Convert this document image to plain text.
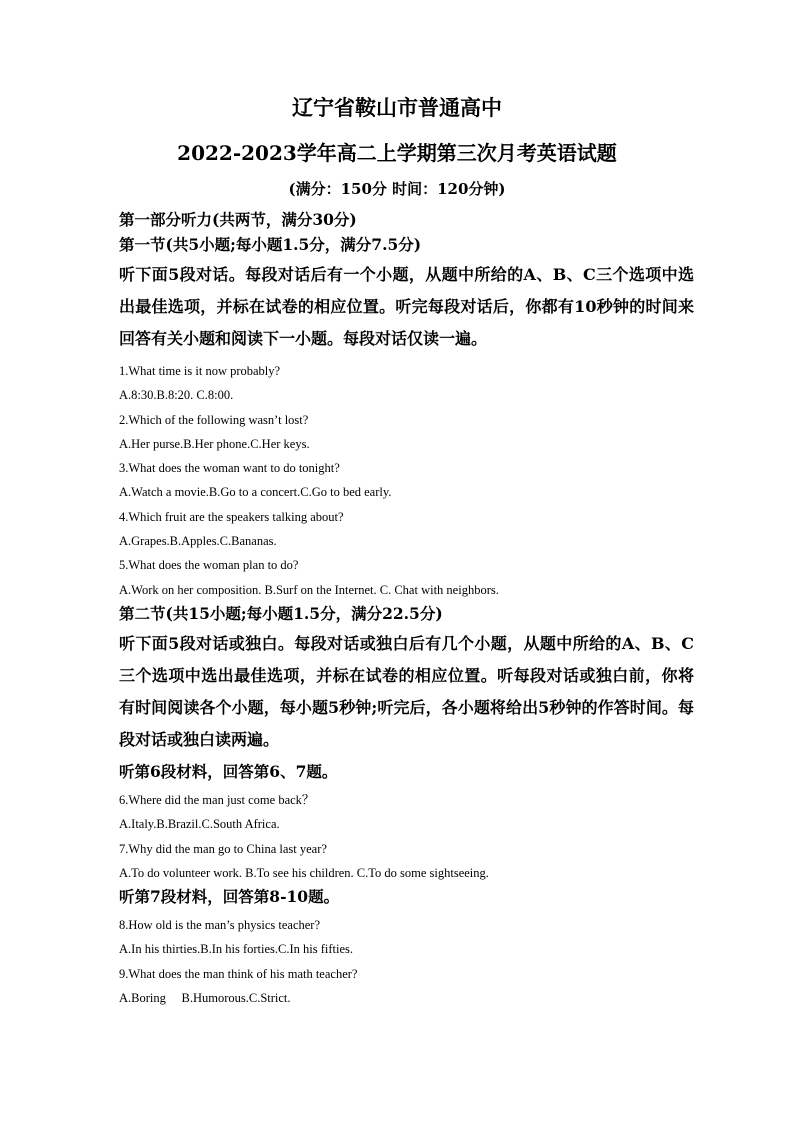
辽宁省鞍山市普通高中
2022-2023学年高二上学期第三次月考英语试题
(满分：150分 时间：120分钟)
第一部分听力(共两节，满分30分)
第一节(共5小题;每小题1.5分，满分7.5分)
听下面5段对话。每段对话后有一个小题，从题中所给的A、B、C三个选项中选出最佳选项，并标在试卷的相应位置。听完每段对话后，你都有10秒钟的时间来回答有关小题和阅读下一小题。每段对话仅读一遍。
1.What time is it now probably?
A.8:30.B.8:20. C.8:00.
2.Which of the following wasn’t lost?
A.Her purse.B.Her phone.C.Her keys.
3.What does the woman want to do tonight?
A.Watch a movie.B.Go to a concert.C.Go to bed early.
4.Which fruit are the speakers talking about?
A.Grapes.B.Apples.C.Bananas.
5.What does the woman plan to do?
A.Work on her composition. B.Surf on the Internet. C. Chat with neighbors.
第二节(共15小题;每小题1.5分，满分22.5分)
听下面5段对话或独白。每段对话或独白后有几个小题，从题中所给的A、B、C三个选项中选出最佳选项，并标在试卷的相应位置。听每段对话或独白前，你将有时间阅读各个小题，每小题5秒钟;听完后，各小题将给出5秒钟的作答时间。每段对话或独白读两遍。
听第6段材料，回答第6、7题。
6.Where did the man just come back？
A.Italy.B.Brazil.C.South Africa.
7.Why did the man go to China last year?
A.To do volunteer work. B.To see his children. C.To do some sightseeing.
听第7段材料，回答第8-10题。
8.How old is the man’s physics teacher?
A.In his thirties.B.In his forties.C.In his fifties.
9.What does the man think of his math teacher?
A.Boring     B.Humorous.C.Strict.
